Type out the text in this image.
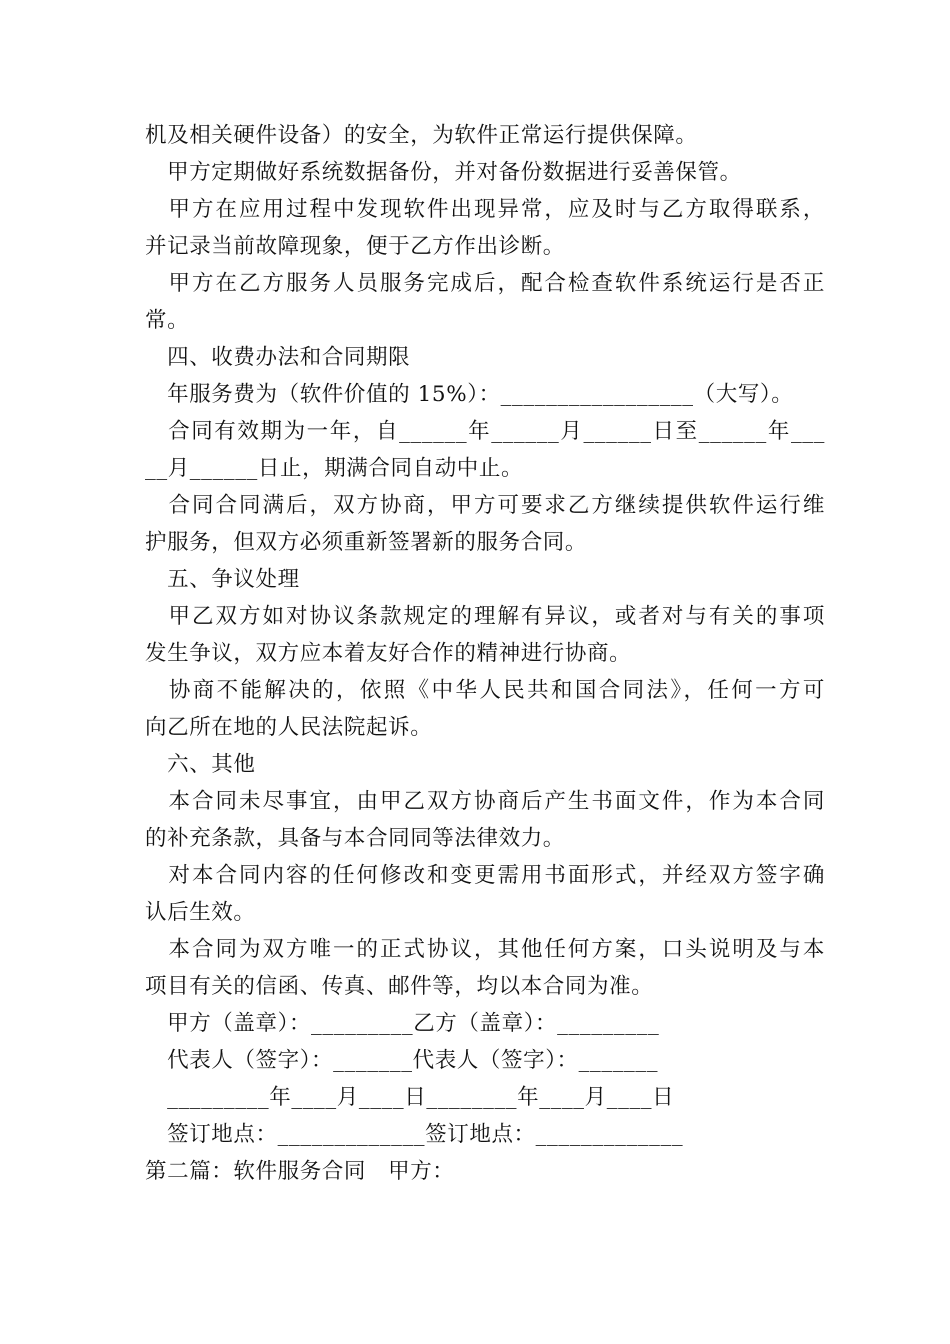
机及相关硬件设备）的安全，为软件正常运行提供保障。
　甲方定期做好系统数据备份，并对备份数据进行妥善保管。
　甲方在应用过程中发现软件出现异常，应及时与乙方取得联系，
并记录当前故障现象，便于乙方作出诊断。
　甲方在乙方服务人员服务完成后，配合检查软件系统运行是否正
常。
　四、收费办法和合同期限
　年服务费为（软件价值的 15%）：_________________（大写）。
　合同有效期为一年，自______年______月______日至______年___
__月______日止，期满合同自动中止。
　合同合同满后，双方协商，甲方可要求乙方继续提供软件运行维
护服务，但双方必须重新签署新的服务合同。
　五、争议处理
　甲乙双方如对协议条款规定的理解有异议，或者对与有关的事项
发生争议，双方应本着友好合作的精神进行协商。
　协商不能解决的，依照《中华人民共和国合同法》，任何一方可
向乙所在地的人民法院起诉。
　六、其他
　本合同未尽事宜，由甲乙双方协商后产生书面文件，作为本合同
的补充条款，具备与本合同同等法律效力。
　对本合同内容的任何修改和变更需用书面形式，并经双方签字确
认后生效。
　本合同为双方唯一的正式协议，其他任何方案，口头说明及与本
项目有关的信函、传真、邮件等，均以本合同为准。
　甲方（盖章）：_________乙方（盖章）：_________
　代表人（签字）：_______代表人（签字）：_______
　_________年____月____日________年____月____日
　签订地点：_____________签订地点：_____________
第二篇：软件服务合同　甲方：
